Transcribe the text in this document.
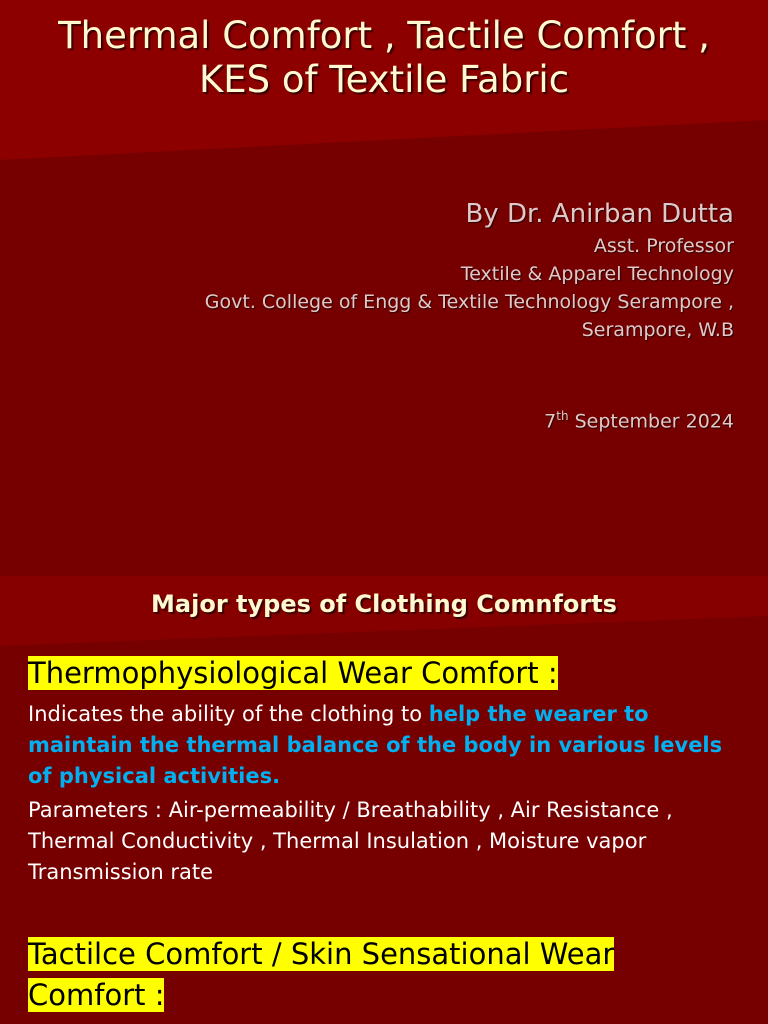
Thermal Comfort , Tactile Comfort ,
KES of Textile Fabric
By Dr. Anirban Dutta
Asst. Professor
Textile & Apparel Technology
Govt. College of Engg & Textile Technology Serampore ,
Serampore, W.B
7th September 2024
Major types of Clothing Comnforts
Thermophysiological Wear Comfort :
Indicates the ability of the clothing to help the wearer to maintain the thermal balance of the body in various levels of physical activities.
Parameters : Air-permeability / Breathability , Air Resistance , Thermal Conductivity , Thermal Insulation , Moisture vapor Transmission rate
Tactilce Comfort / Skin Sensational Wear Comfort :
